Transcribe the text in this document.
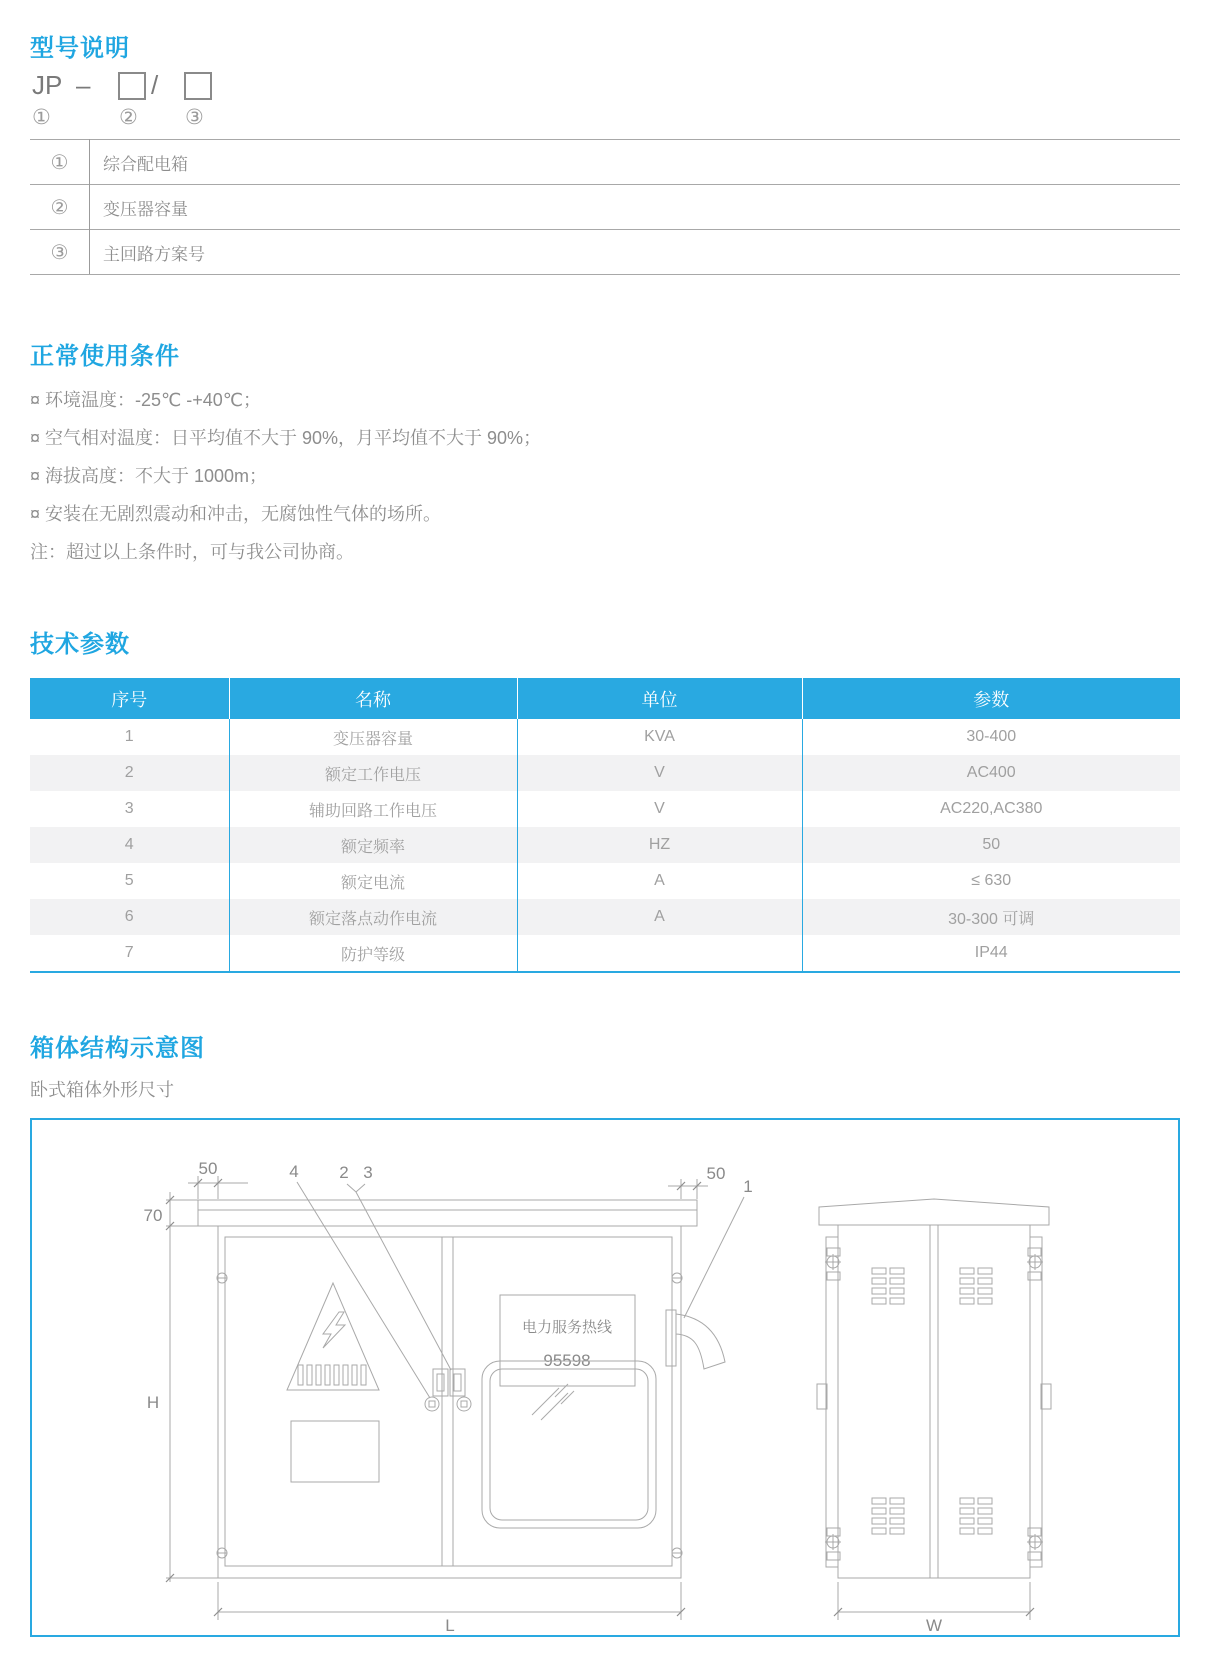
型号说明
JP – /
①	② ③
①	综合配电箱
②	变压器容量
③	主回路方案号
正常使用条件

¤ 环境温度：-25℃ -+40℃；

¤ 空气相对温度：日平均值不大于 90%，月平均值不大于 90%；

¤ 海拔高度：不大于 1000m；

¤ 安装在无剧烈震动和冲击，无腐蚀性气体的场所。

注：超过以上条件时，可与我公司协商。

技术参数
序号	名称	单位	参数
1	变压器容量	KVA	30-400
2	额定工作电压	V	AC400
3	辅助回路工作电压	V	AC220,AC380
4	额定频率	HZ	50
5	额定电流	A	≤ 630
6	额定落点动作电流	A	30-300 可调
7	防护等级		IP44
箱体结构示意图
卧式箱体外形尺寸
电力服务热线
95598
4 2 3
1
50	50
70
H
L	W
